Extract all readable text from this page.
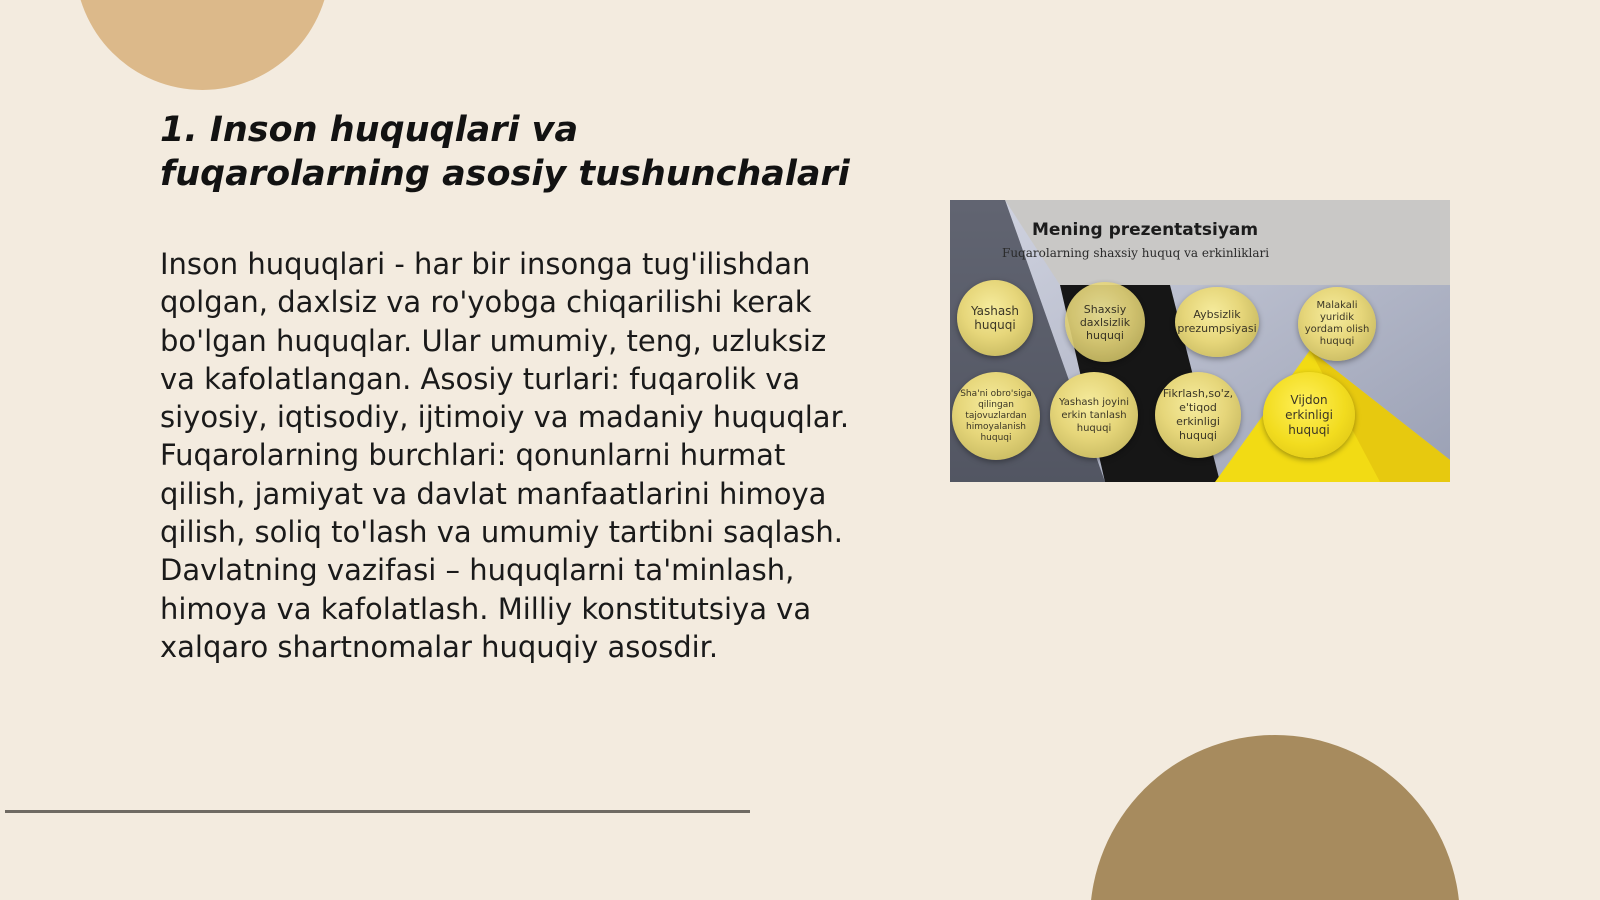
1. Inson huquqlari va fuqarolarning asosiy tushunchalari

Inson huquqlari - har bir insonga tug'ilishdan qolgan, daxlsiz va ro'yobga chiqarilishi kerak bo'lgan huquqlar. Ular umumiy, teng, uzluksiz va kafolatlangan. Asosiy turlari: fuqarolik va siyosiy, iqtisodiy, ijtimoiy va madaniy huquqlar. Fuqarolarning burchlari: qonunlarni hurmat qilish, jamiyat va davlat manfaatlarini himoya qilish, soliq to'lash va umumiy tartibni saqlash. Davlatning vazifasi – huquqlarni ta'minlash, himoya va kafolatlash. Milliy konstitutsiya va xalqaro shartnomalar huquqiy asosdir.

Mening prezentatsiyam
Fuqarolarning shaxsiy huquq va erkinliklari
Yashash huquqi
Shaxsiy daxlsizlik huquqi
Aybsizlik prezumpsiyasi
Malakali yuridik yordam olish huquqi
Sha'ni obro'siga qilingan tajovuzlardan himoyalanish huquqi
Yashash joyini erkin tanlash huquqi
Fikrlash,so'z, e'tiqod erkinligi huquqi
Vijdon erkinligi huquqi
